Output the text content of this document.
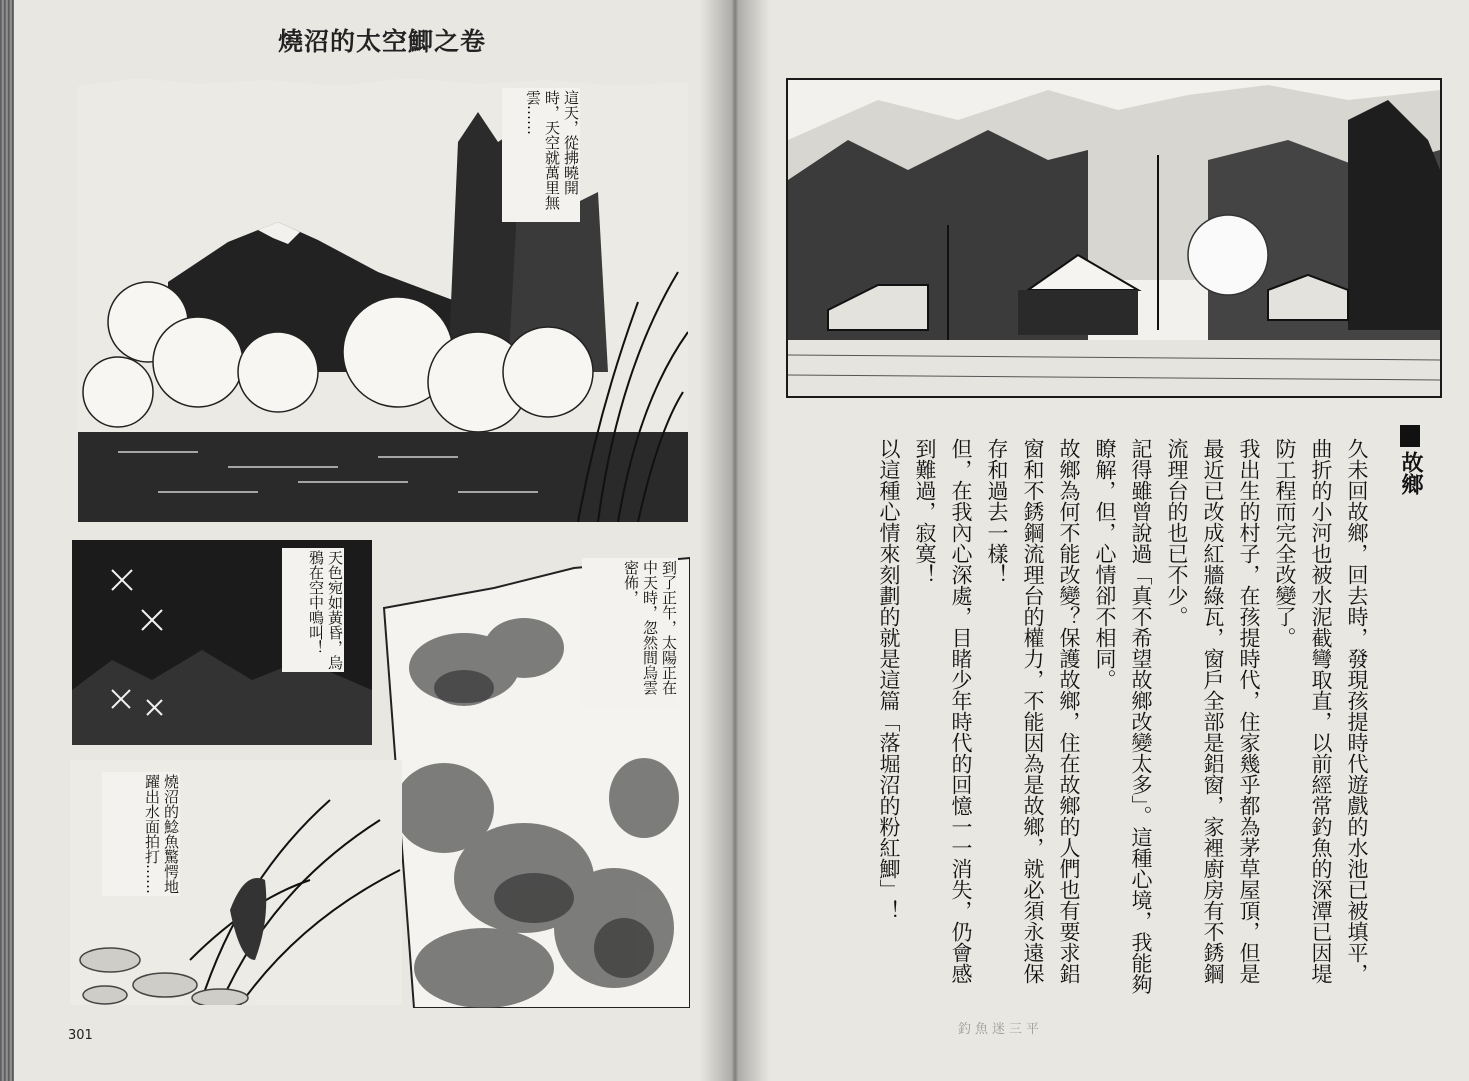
燒沼的太空鯽之卷
這天，從拂曉開時，天空就萬里無雲……
天色宛如黃昏，烏鴉在空中鳴叫！	到了正午，太陽正在中天時，忽然間烏雲密佈，
燒沼的鯰魚驚愕地躍出水面拍打……
301
故鄉

久未回故鄉，回去時，發現孩提時代遊戲的水池已被填平，曲折的小河也被水泥截彎取直，以前經常釣魚的深潭已因堤防工程而完全改變了。

我出生的村子，在孩提時代，住家幾乎都為茅草屋頂，但是最近已改成紅牆綠瓦，窗戶全部是鋁窗，家裡廚房有不銹鋼流理台的也已不少。

記得雖曾說過「真不希望故鄉改變太多」。這種心境，我能夠瞭解，但，心情卻不相同。

故鄉為何不能改變？保護故鄉，住在故鄉的人們也有要求鋁窗和不銹鋼流理台的權力，不能因為是故鄉，就必須永遠保存和過去一樣！

但，在我內心深處，目睹少年時代的回憶一一消失，仍會感到難過，寂寞！

以這種心情來刻劃的就是這篇「落堀沼的粉紅鯽」！

釣魚迷三平
